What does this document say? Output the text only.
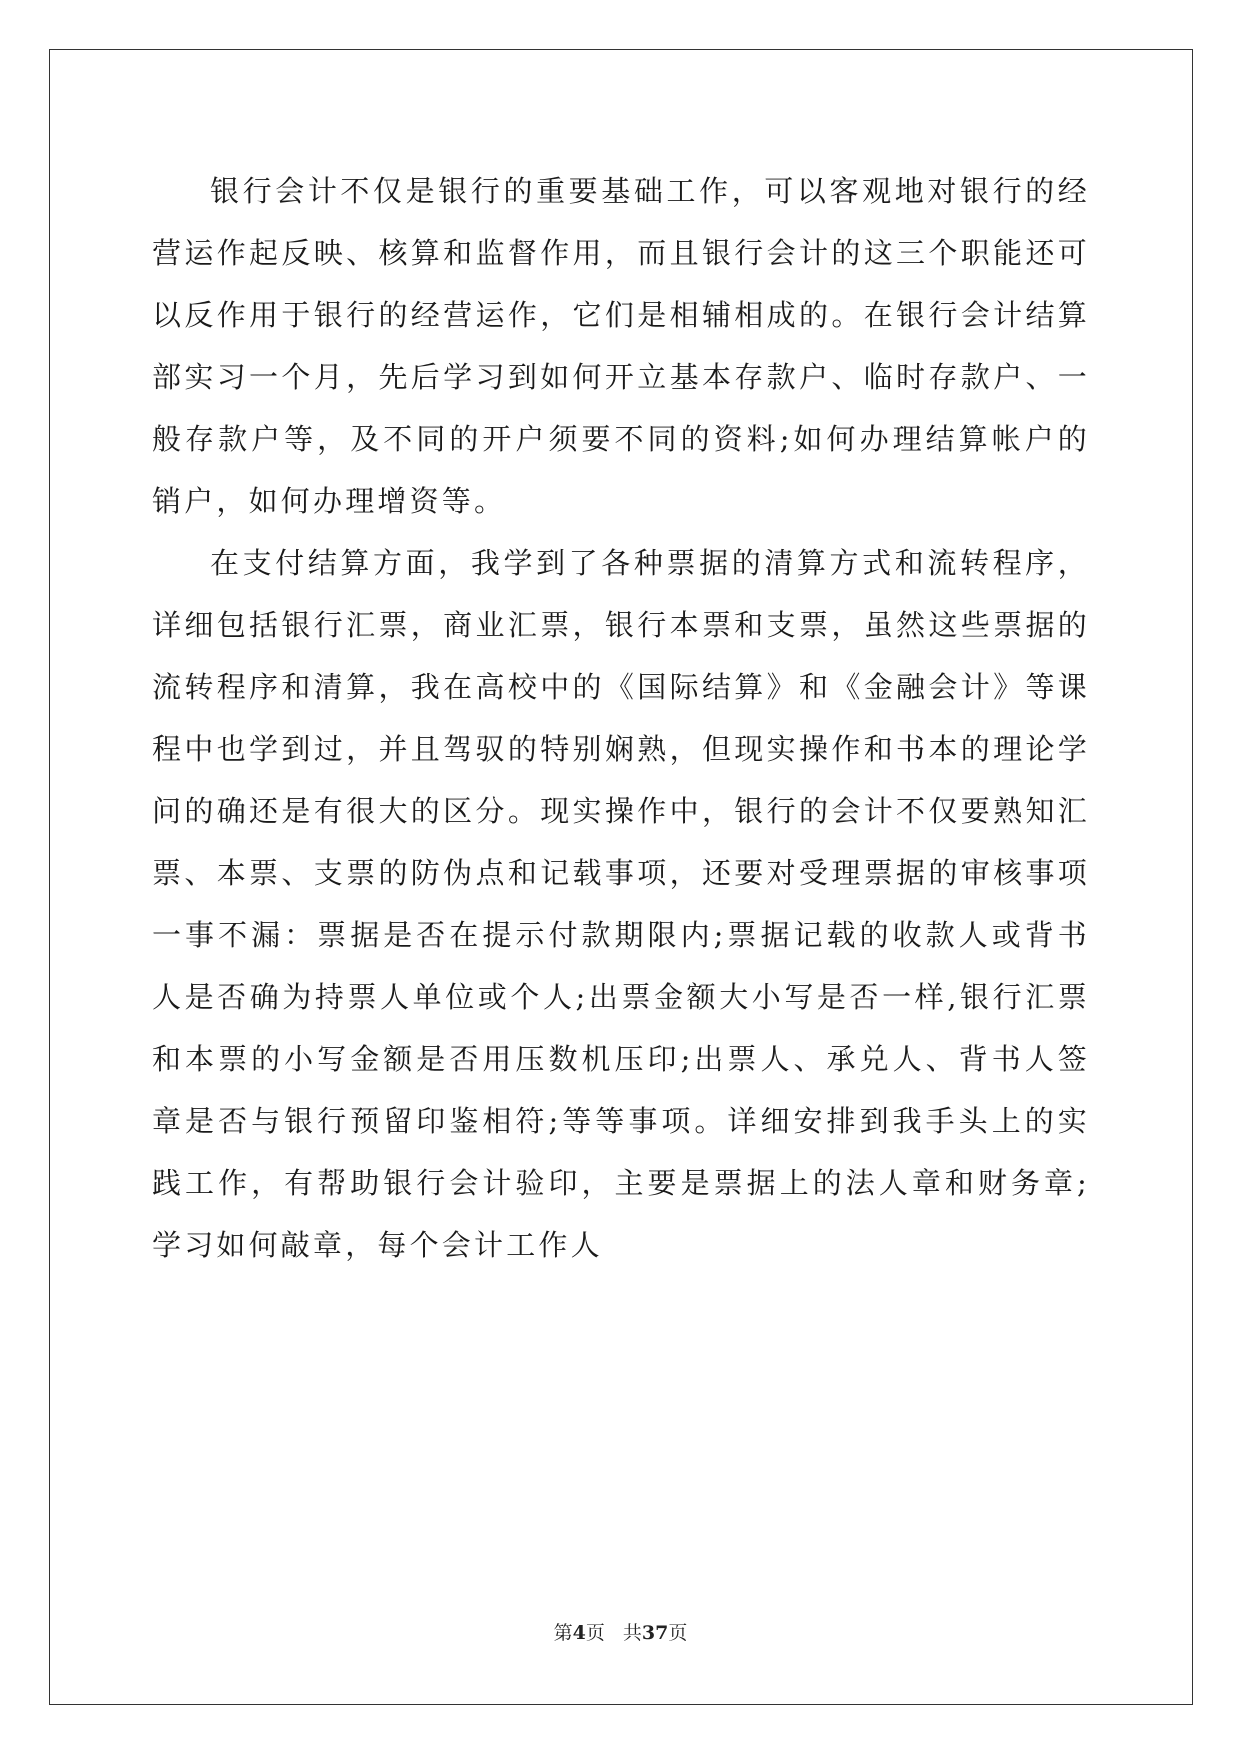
银行会计不仅是银行的重要基础工作，可以客观地对银行的经营运作起反映、核算和监督作用，而且银行会计的这三个职能还可以反作用于银行的经营运作，它们是相辅相成的。在银行会计结算部实习一个月，先后学习到如何开立基本存款户、临时存款户、一般存款户等，及不同的开户须要不同的资料;如何办理结算帐户的销户，如何办理增资等。

在支付结算方面，我学到了各种票据的清算方式和流转程序，详细包括银行汇票，商业汇票，银行本票和支票，虽然这些票据的流转程序和清算，我在高校中的《国际结算》和《金融会计》等课程中也学到过，并且驾驭的特别娴熟，但现实操作和书本的理论学问的确还是有很大的区分。现实操作中，银行的会计不仅要熟知汇票、本票、支票的防伪点和记载事项，还要对受理票据的审核事项一事不漏：票据是否在提示付款期限内;票据记载的收款人或背书人是否确为持票人单位或个人;出票金额大小写是否一样,银行汇票和本票的小写金额是否用压数机压印;出票人、承兑人、背书人签章是否与银行预留印鉴相符;等等事项。详细安排到我手头上的实践工作，有帮助银行会计验印，主要是票据上的法人章和财务章;学习如何敲章，每个会计工作人

第4页 共37页
